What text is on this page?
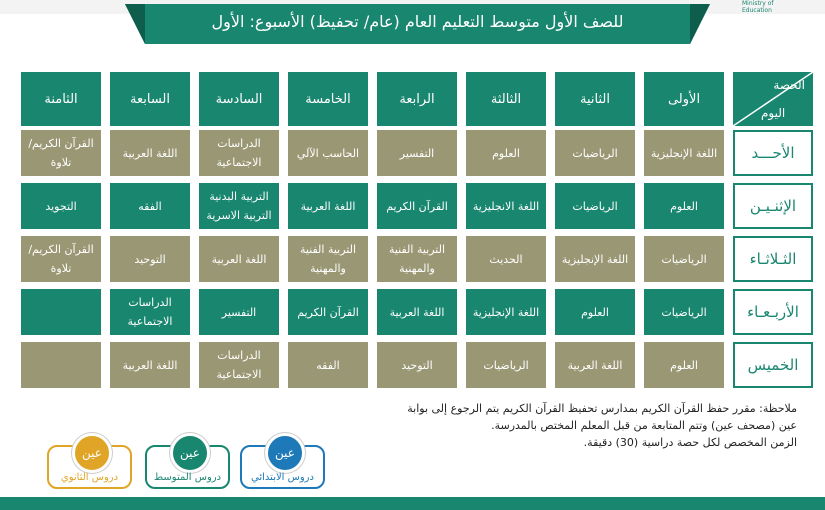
Ministry of Education
للصف الأول متوسط التعليم العام (عام/ تحفيظ) الأسبوع: الأول
الحصة
اليوم
الأولى
الثانية
الثالثة
الرابعة
الخامسة
السادسة
السابعة
الثامنة
الأحـــد
اللغة الإنجليزية
الرياضيات
العلوم
التفسير
الحاسب الآلي
الدراسات الاجتماعية
اللغة العربية
القرآن الكريم/ تلاوة
الإثنـيـن
العلوم
الرياضيات
اللغة الانجليزية
القرآن الكريم
اللغة العربية
التربية البدنية التربية الاسرية
الفقه
التجويد
الثـلاثـاء
الرياضيات
اللغة الإنجليزية
الحديث
التربية الفنية والمهنية
التربية الفنية والمهنية
اللغة العربية
التوحيد
القرآن الكريم/ تلاوة
الأربـعـاء
الرياضيات
العلوم
اللغة الإنجليزية
اللغة العربية
القرآن الكريم
التفسير
الدراسات الاجتماعية
الخميس
العلوم
اللغة العربية
الرياضيات
التوحيد
الفقه
الدراسات الاجتماعية
اللغة العربية
ملاحظة: مقرر حفظ القرآن الكريم بمدارس تحفيظ القرآن الكريم يتم الرجوع إلى بوابة
عين (مصحف عين) وتتم المتابعة من قبل المعلم المختص بالمدرسة.
الزمن المخصص لكل حصة دراسية (30) دقيقة.
عين
دروس الابتدائي
عين
دروس المتوسط
عين
دروس الثانوي
